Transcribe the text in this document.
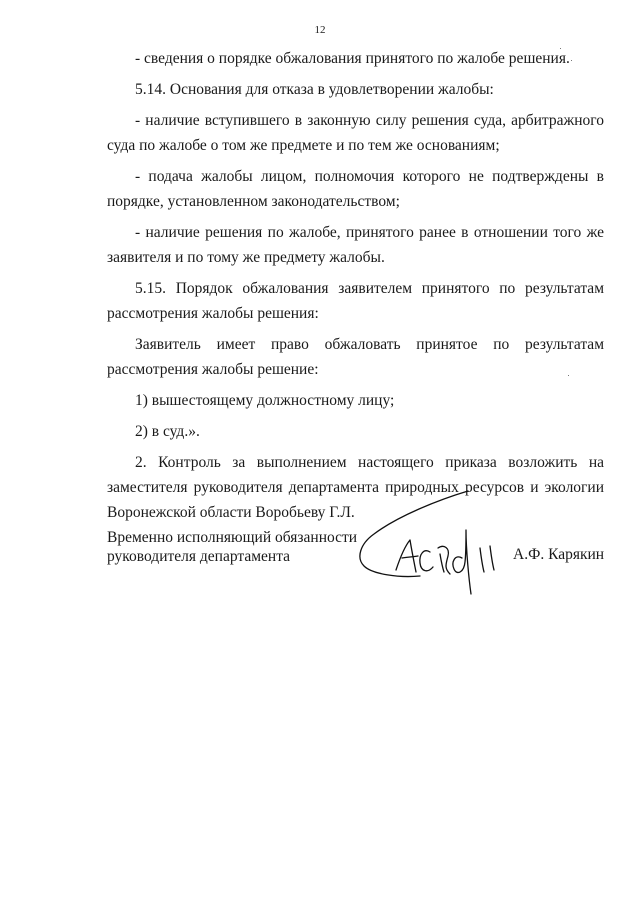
12

- сведения о порядке обжалования принятого по жалобе решения.

5.14. Основания для отказа в удовлетворении жалобы:

- наличие вступившего в законную силу решения суда, арбитражного суда по жалобе о том же предмете и по тем же основаниям;

- подача жалобы лицом, полномочия которого не подтверждены в порядке, установленном законодательством;

- наличие решения по жалобе, принятого ранее в отношении того же заявителя и по тому же предмету жалобы.

5.15. Порядок обжалования заявителем принятого по результатам рассмотрения жалобы решения:

Заявитель имеет право обжаловать принятое по результатам рассмотрения жалобы решение:

1) вышестоящему должностному лицу;

2) в суд.».

2. Контроль за выполнением настоящего приказа возложить на заместителя руководителя департамента природных ресурсов и экологии Воронежской области Воробьеву Г.Л.

Временно исполняющий обязанности
руководителя департамента	А.Ф. Карякин
